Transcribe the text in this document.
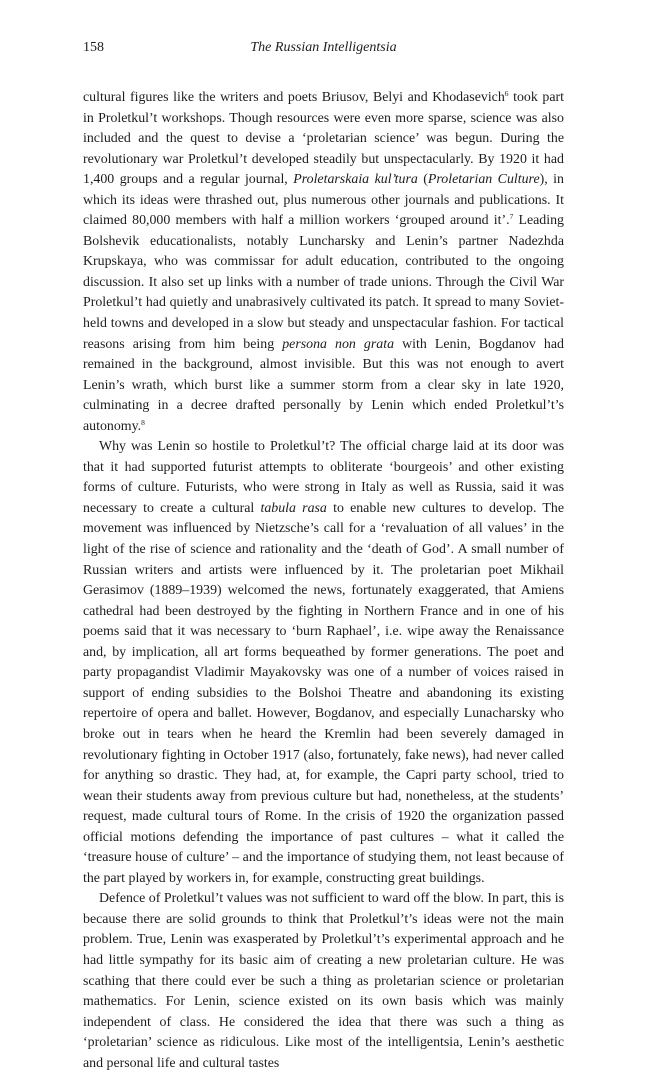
158	The Russian Intelligentsia

cultural figures like the writers and poets Briusov, Belyi and Khodasevich$^6$ took part in Proletkul’t workshops. Though resources were even more sparse, science was also included and the quest to devise a ‘proletarian science’ was begun. During the revolutionary war Proletkul’t developed steadily but unspectacularly. By 1920 it had 1,400 groups and a regular journal, Proletarskaia kul’tura (Proletarian Culture), in which its ideas were thrashed out, plus numerous other journals and publications. It claimed 80,000 members with half a million workers ‘grouped around it’.$^7$ Leading Bolshevik educationalists, notably Luncharsky and Lenin’s partner Nadezhda Krupskaya, who was commissar for adult education, contributed to the ongoing discussion. It also set up links with a number of trade unions. Through the Civil War Proletkul’t had quietly and unabrasively cultivated its patch. It spread to many Soviet-held towns and developed in a slow but steady and unspectacular fashion. For tactical reasons arising from him being persona non grata with Lenin, Bogdanov had remained in the background, almost invisible. But this was not enough to avert Lenin’s wrath, which burst like a summer storm from a clear sky in late 1920, culminating in a decree drafted personally by Lenin which ended Proletkul’t’s autonomy.$^8$

Why was Lenin so hostile to Proletkul’t? The official charge laid at its door was that it had supported futurist attempts to obliterate ‘bourgeois’ and other existing forms of culture. Futurists, who were strong in Italy as well as Russia, said it was necessary to create a cultural tabula rasa to enable new cultures to develop. The movement was influenced by Nietzsche’s call for a ‘revaluation of all values’ in the light of the rise of science and rationality and the ‘death of God’. A small number of Russian writers and artists were influenced by it. The proletarian poet Mikhail Gerasimov (1889–1939) welcomed the news, fortunately exaggerated, that Amiens cathedral had been destroyed by the fighting in Northern France and in one of his poems said that it was necessary to ‘burn Raphael’, i.e. wipe away the Renaissance and, by implication, all art forms bequeathed by former generations. The poet and party propagandist Vladimir Mayakovsky was one of a number of voices raised in support of ending subsidies to the Bolshoi Theatre and abandoning its existing repertoire of opera and ballet. However, Bogdanov, and especially Lunacharsky who broke out in tears when he heard the Kremlin had been severely damaged in revolutionary fighting in October 1917 (also, fortunately, fake news), had never called for anything so drastic. They had, at, for example, the Capri party school, tried to wean their students away from previous culture but had, nonetheless, at the students’ request, made cultural tours of Rome. In the crisis of 1920 the organization passed official motions defending the importance of past cultures – what it called the ‘treasure house of culture’ – and the importance of studying them, not least because of the part played by workers in, for example, constructing great buildings.

Defence of Proletkul’t values was not sufficient to ward off the blow. In part, this is because there are solid grounds to think that Proletkul’t’s ideas were not the main problem. True, Lenin was exasperated by Proletkul’t’s experimental approach and he had little sympathy for its basic aim of creating a new proletarian culture. He was scathing that there could ever be such a thing as proletarian science or proletarian mathematics. For Lenin, science existed on its own basis which was mainly independent of class. He considered the idea that there was such a thing as ‘proletarian’ science as ridiculous. Like most of the intelligentsia, Lenin’s aesthetic and personal life and cultural tastes
